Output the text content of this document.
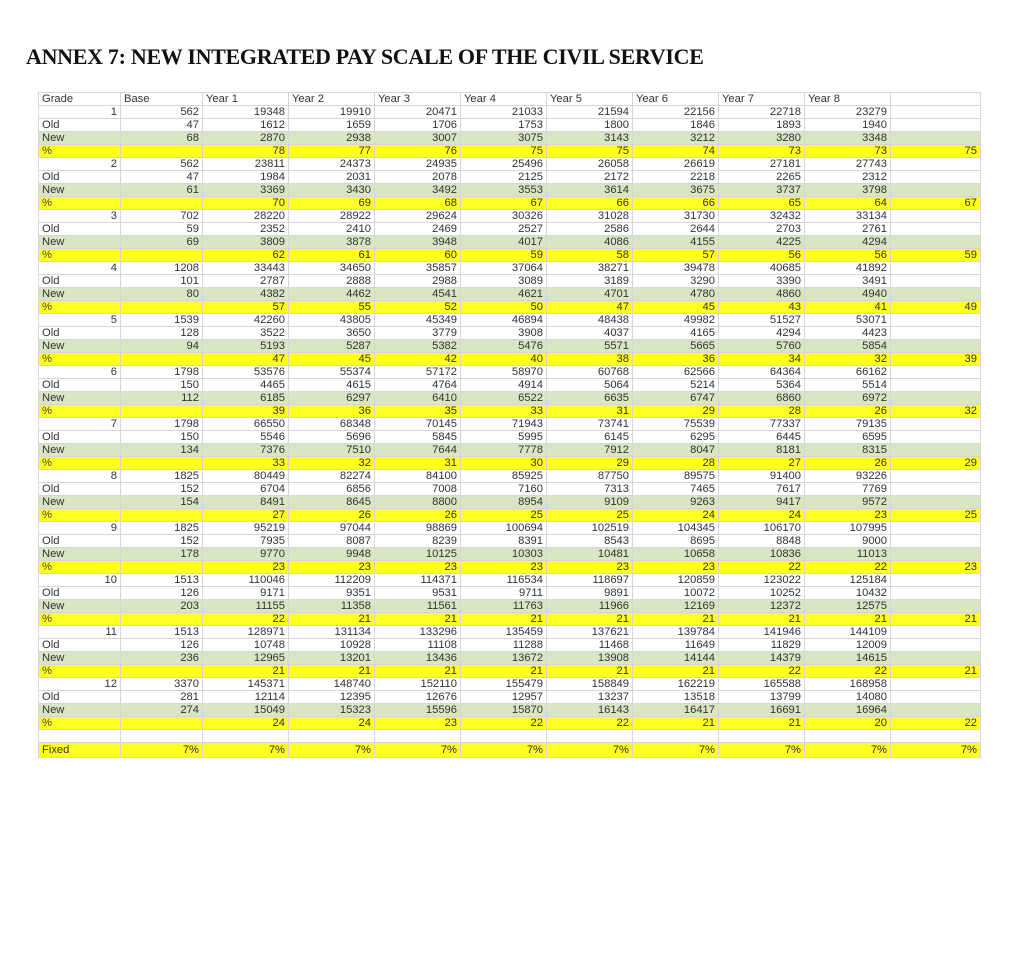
ANNEX 7: NEW INTEGRATED PAY SCALE OF THE CIVIL SERVICE
Grade	Base	Year 1	Year 2	Year 3	Year 4	Year 5	Year 6	Year 7	Year 8	
1	562	19348	19910	20471	21033	21594	22156	22718	23279	
Old	47	1612	1659	1706	1753	1800	1846	1893	1940	
New	68	2870	2938	3007	3075	3143	3212	3280	3348	
%		78	77	76	75	75	74	73	73	75
2	562	23811	24373	24935	25496	26058	26619	27181	27743	
Old	47	1984	2031	2078	2125	2172	2218	2265	2312	
New	61	3369	3430	3492	3553	3614	3675	3737	3798	
%		70	69	68	67	66	66	65	64	67
3	702	28220	28922	29624	30326	31028	31730	32432	33134	
Old	59	2352	2410	2469	2527	2586	2644	2703	2761	
New	69	3809	3878	3948	4017	4086	4155	4225	4294	
%		62	61	60	59	58	57	56	56	59
4	1208	33443	34650	35857	37064	38271	39478	40685	41892	
Old	101	2787	2888	2988	3089	3189	3290	3390	3491	
New	80	4382	4462	4541	4621	4701	4780	4860	4940	
%		57	55	52	50	47	45	43	41	49
5	1539	42260	43805	45349	46894	48438	49982	51527	53071	
Old	128	3522	3650	3779	3908	4037	4165	4294	4423	
New	94	5193	5287	5382	5476	5571	5665	5760	5854	
%		47	45	42	40	38	36	34	32	39
6	1798	53576	55374	57172	58970	60768	62566	64364	66162	
Old	150	4465	4615	4764	4914	5064	5214	5364	5514	
New	112	6185	6297	6410	6522	6635	6747	6860	6972	
%		39	36	35	33	31	29	28	26	32
7	1798	66550	68348	70145	71943	73741	75539	77337	79135	
Old	150	5546	5696	5845	5995	6145	6295	6445	6595	
New	134	7376	7510	7644	7778	7912	8047	8181	8315	
%		33	32	31	30	29	28	27	26	29
8	1825	80449	82274	84100	85925	87750	89575	91400	93226	
Old	152	6704	6856	7008	7160	7313	7465	7617	7769	
New	154	8491	8645	8800	8954	9109	9263	9417	9572	
%		27	26	26	25	25	24	24	23	25
9	1825	95219	97044	98869	100694	102519	104345	106170	107995	
Old	152	7935	8087	8239	8391	8543	8695	8848	9000	
New	178	9770	9948	10125	10303	10481	10658	10836	11013	
%		23	23	23	23	23	23	22	22	23
10	1513	110046	112209	114371	116534	118697	120859	123022	125184	
Old	126	9171	9351	9531	9711	9891	10072	10252	10432	
New	203	11155	11358	11561	11763	11966	12169	12372	12575	
%		22	21	21	21	21	21	21	21	21
11	1513	128971	131134	133296	135459	137621	139784	141946	144109	
Old	126	10748	10928	11108	11288	11468	11649	11829	12009	
New	236	12965	13201	13436	13672	13908	14144	14379	14615	
%		21	21	21	21	21	21	22	22	21
12	3370	145371	148740	152110	155479	158849	162219	165588	168958	
Old	281	12114	12395	12676	12957	13237	13518	13799	14080	
New	274	15049	15323	15596	15870	16143	16417	16691	16964	
%		24	24	23	22	22	21	21	20	22

Fixed	7%	7%	7%	7%	7%	7%	7%	7%	7%	7%
